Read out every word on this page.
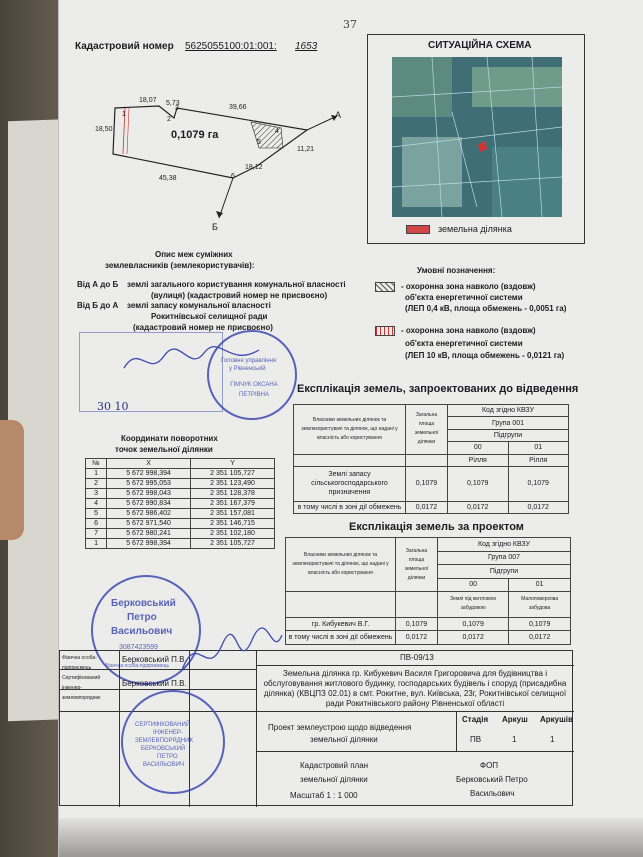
37
Кадастровий номер 5625055100:01:001: 1653	СИТУАЦІЙНА СХЕМА
земельна ділянка
18,07 5,73
39,66
18,50
11,21
45,38
18,12
1
2
3
4
5
6
0,1079 га
А
Б
Опис меж суміжних
землевласників (землекористувачів):
Від А до Б землі загального користування комунальної власності
(вулиця) (кадастровий номер не присвоєно)
Від Б до А землі запасу комунальної власності
Рокитнівської селищної ради
(кадастровий номер не присвоєно)
Умовні позначення:
- охоронна зона навколо (вздовж)
об'єкта енергетичної системи
(ЛЕП 0,4 кВ, площа обмежень - 0,0051 га)
- охоронна зона навколо (вздовж)
об'єкта енергетичної системи
(ЛЕП 10 кВ, площа обмежень - 0,0121 га)
Головне управління
у Рівненській
ГІМЧУК ОКСАНА ПЕТРІВНА
30 10
Координати поворотних
точок земельної ділянки
№	X	Y
1	5 672 998,394	2 351 105,727
2	5 672 995,053	2 351 123,490
3	5 672 998,043	2 351 128,378
4	5 672 990,834	2 351 167,379
5	5 672 986,402	2 351 157,081
6	5 672 971,540	2 351 146,715
7	5 672 980,241	2 351 102,180
1	5 672 998,394	2 351 105,727
Експлікація земель, запроектованих до відведення
Власники земельних ділянок та землекористувачі та ділянок, що надані у власність або користування	Загальна площа земельної ділянки	Код згідно КВЗУ	
		Група 001	
		Підгрупи	
		00	01
		Рілля	Рілля
Землі запасу сільськогосподарського призначення	0,1079	0,1079	0,1079
в тому числі в зоні дії обмежень	0,0172	0,0172	0,0172
Експлікація земель за проектом
Власники земельних ділянок та землекористувачі та ділянок, що надані у власність або користування	Загальна площа земельної ділянки	Код згідно КВЗУ	
		Група 007	
		Підгрупи	
		00	01
		Землі під житловою забудовою	Малоповерхова забудова
гр. Кибукевич В.Г.	0,1079	0,1079	0,1079
в тому числі в зоні дії обмежень	0,0172	0,0172	0,0172
Берковський
Петро
Васильович
3087423599
Фізична особа-підприємець
Фізична особа-підприємець
Берковський П.В.
Сертифікований інженер-землевпорядник
Берковський П.В.
ПВ-09/13
Земельна ділянка гр. Кибукевич Василя Григоровича для будівництва і обслуговування житлового будинку, господарських будівель і споруд (присадибна ділянка) (КВЦПЗ 02.01) в смт. Рокитне, вул. Київська, 23г, Рокитнівської селищної ради Рокитнівського району Рівненської області
Проект землеустрою щодо відведення
земельної ділянки
Стадія Аркуш Аркушів
ПВ	1	1
Кадастровий план
земельної ділянки
Масштаб 1 : 1 000
ФОП
Берковський Петро
Васильович
СЕРТИФІКОВАНИЙ
ІНЖЕНЕР-
ЗЕМЛЕВПОРЯДНИК
БЕРКОВСЬКИЙ
ПЕТРО
ВАСИЛЬОВИЧ
